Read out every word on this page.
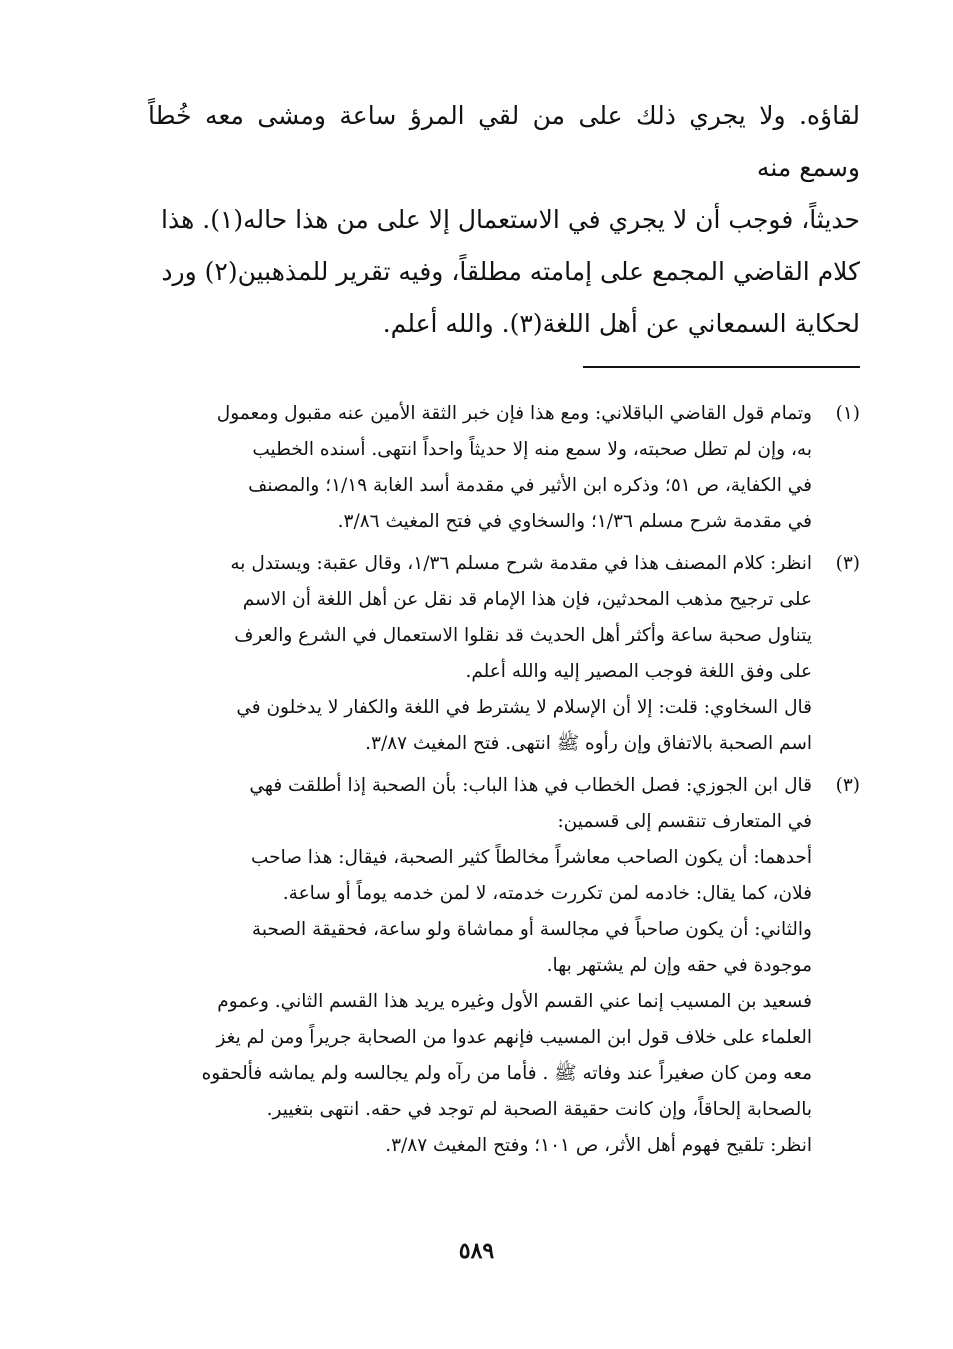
لقاؤه. ولا يجري ذلك على من لقي المرؤ ساعة ومشى معه خُطاً وسمع منه

حديثاً، فوجب أن لا يجري في الاستعمال إلا على من هذا حاله(١). هذا

كلام القاضي المجمع على إمامته مطلقاً، وفيه تقرير للمذهبين(٢) ورد

لحكاية السمعاني عن أهل اللغة(٣). والله أعلم.

(١)

وتمام قول القاضي الباقلاني: ومع هذا فإن خبر الثقة الأمين عنه مقبول ومعمول

به، وإن لم تطل صحبته، ولا سمع منه إلا حديثاً واحداً انتهى. أسنده الخطيب

في الكفاية، ص ٥١؛ وذكره ابن الأثير في مقدمة أسد الغابة ١/١٩؛ والمصنف

في مقدمة شرح مسلم ١/٣٦؛ والسخاوي في فتح المغيث ٣/٨٦.

(٣)

انظر: كلام المصنف هذا في مقدمة شرح مسلم ١/٣٦، وقال عقبة: ويستدل به

على ترجيح مذهب المحدثين، فإن هذا الإمام قد نقل عن أهل اللغة أن الاسم

يتناول صحبة ساعة وأكثر أهل الحديث قد نقلوا الاستعمال في الشرع والعرف

على وفق اللغة فوجب المصير إليه والله أعلم.

قال السخاوي: قلت: إلا أن الإسلام لا يشترط في اللغة والكفار لا يدخلون في

اسم الصحبة بالاتفاق وإن رأوه ﷺ انتهى. فتح المغيث ٣/٨٧.

(٣)

قال ابن الجوزي: فصل الخطاب في هذا الباب: بأن الصحبة إذا أطلقت فهي

في المتعارف تنقسم إلى قسمين:

أحدهما: أن يكون الصاحب معاشراً مخالطاً كثير الصحبة، فيقال: هذا صاحب

فلان، كما يقال: خادمه لمن تكررت خدمته، لا لمن خدمه يوماً أو ساعة.

والثاني: أن يكون صاحباً في مجالسة أو مماشاة ولو ساعة، فحقيقة الصحبة

موجودة في حقه وإن لم يشتهر بها.

فسعيد بن المسيب إنما عني القسم الأول وغيره يريد هذا القسم الثاني. وعموم

العلماء على خلاف قول ابن المسيب فإنهم عدوا من الصحابة جريراً ومن لم يغز

معه ومن كان صغيراً عند وفاته ﷺ . فأما من رآه ولم يجالسه ولم يماشه فألحقوه

بالصحابة إلحاقاً، وإن كانت حقيقة الصحبة لم توجد في حقه. انتهى بتغيير.

انظر: تلقيح فهوم أهل الأثر، ص ١٠١؛ وفتح المغيث ٣/٨٧.

٥٨٩
